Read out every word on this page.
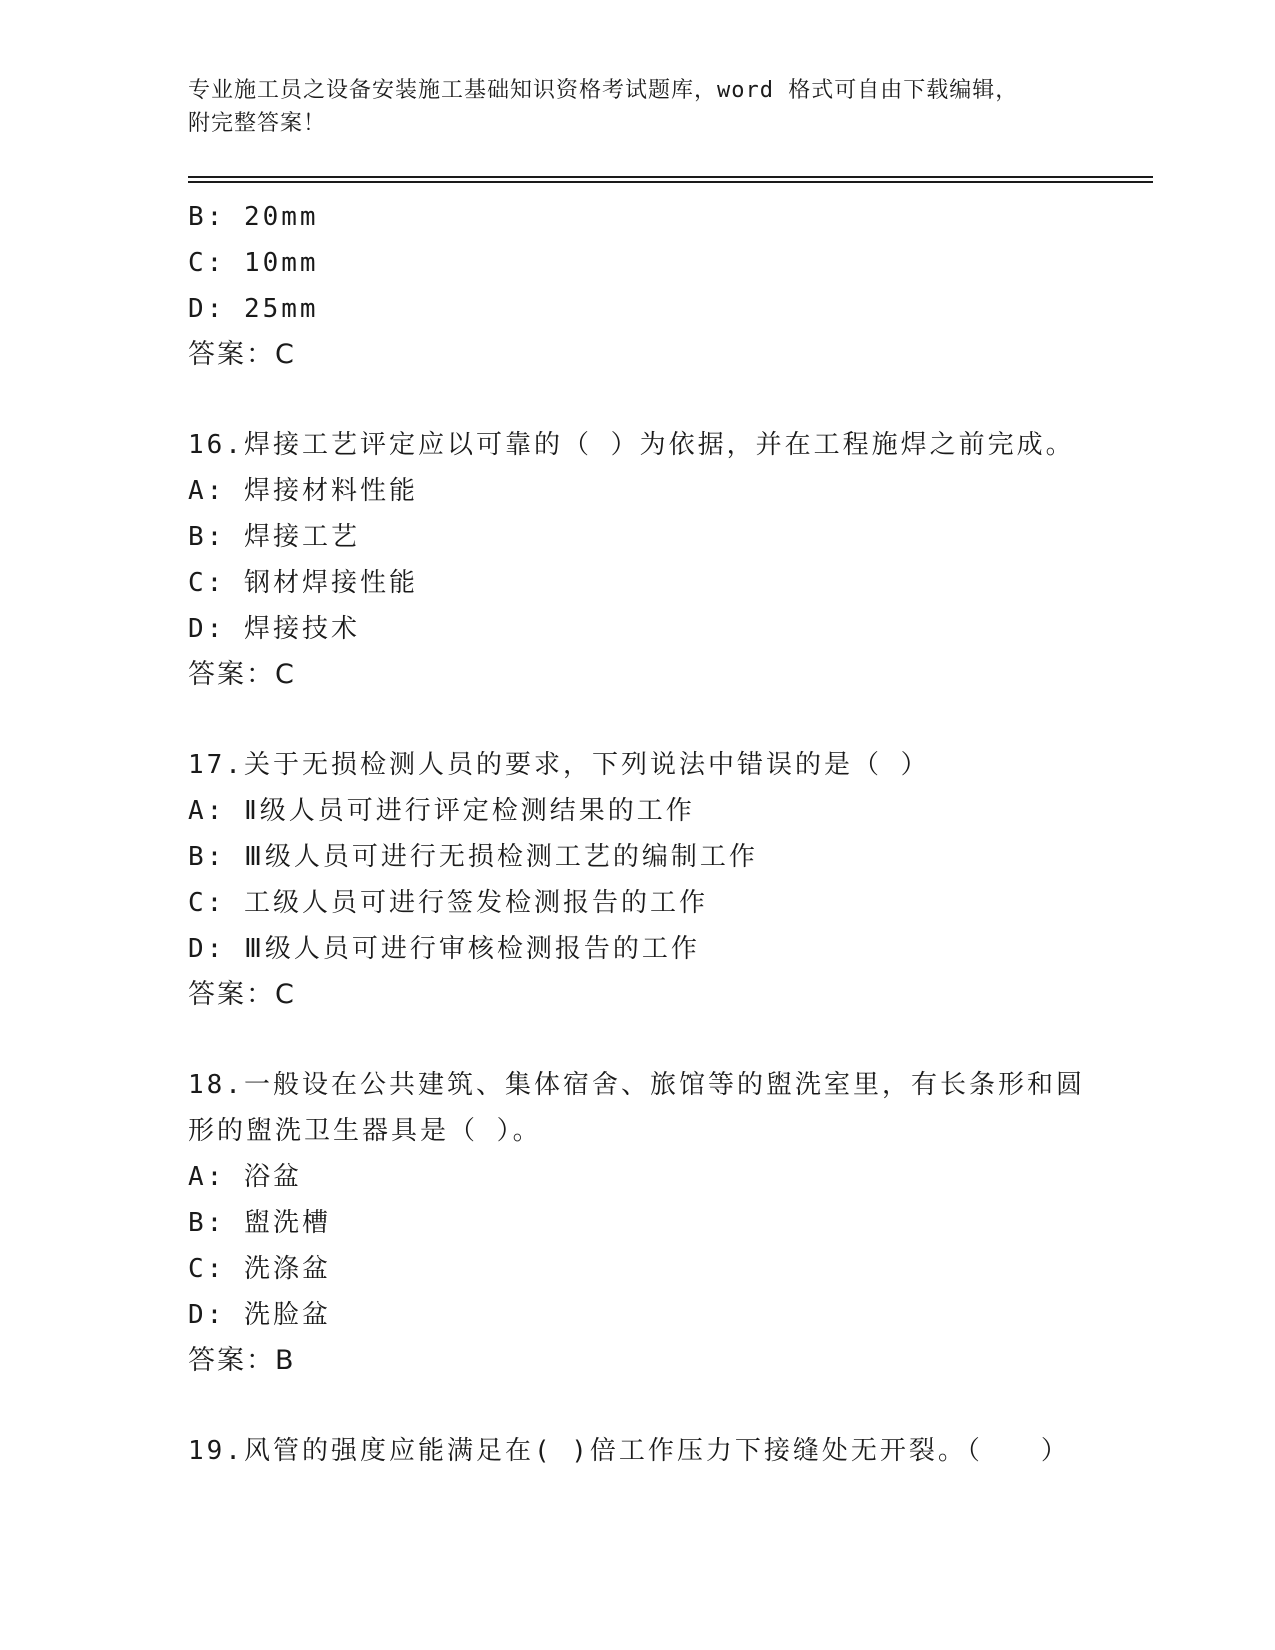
专业施工员之设备安装施工基础知识资格考试题库，word 格式可自由下载编辑，
附完整答案！
B: 20mm
C: 10mm
D: 25mm
答案：C
16.焊接工艺评定应以可靠的（ ）为依据，并在工程施焊之前完成。
A: 焊接材料性能
B: 焊接工艺
C: 钢材焊接性能
D: 焊接技术
答案：C
17.关于无损检测人员的要求，下列说法中错误的是（ ）
A: Ⅱ级人员可进行评定检测结果的工作
B: Ⅲ级人员可进行无损检测工艺的编制工作
C: 工级人员可进行签发检测报告的工作
D: Ⅲ级人员可进行审核检测报告的工作
答案：C
18.一般设在公共建筑、集体宿舍、旅馆等的盥洗室里，有长条形和圆
形的盥洗卫生器具是（ ）。
A: 浴盆
B: 盥洗槽
C: 洗涤盆
D: 洗脸盆
答案：B
19.风管的强度应能满足在( )倍工作压力下接缝处无开裂。（　　）
